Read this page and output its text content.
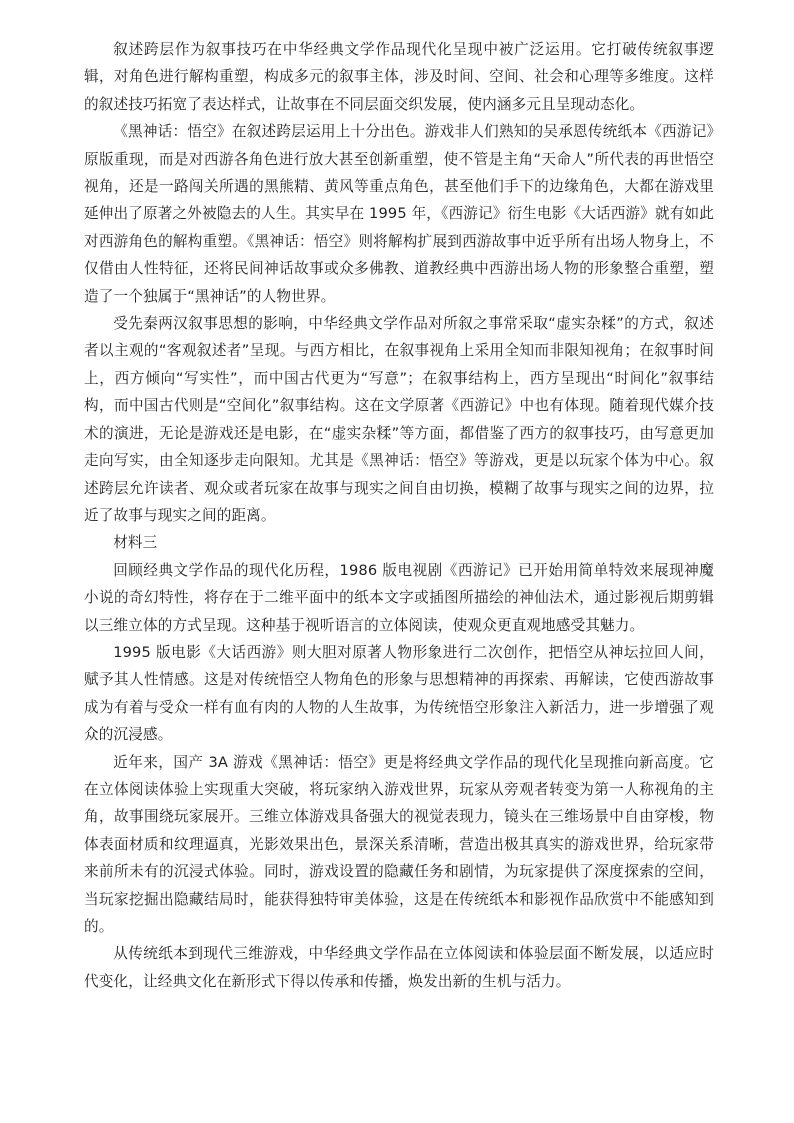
叙述跨层作为叙事技巧在中华经典文学作品现代化呈现中被广泛运用。它打破传统叙事逻辑，对角色进行解构重塑，构成多元的叙事主体，涉及时间、空间、社会和心理等多维度。这样的叙述技巧拓宽了表达样式，让故事在不同层面交织发展，使内涵多元且呈现动态化。

《黑神话：悟空》在叙述跨层运用上十分出色。游戏非人们熟知的吴承恩传统纸本《西游记》原版重现，而是对西游各角色进行放大甚至创新重塑，使不管是主角“天命人”所代表的再世悟空视角，还是一路闯关所遇的黑熊精、黄风等重点角色，甚至他们手下的边缘角色，大都在游戏里延伸出了原著之外被隐去的人生。其实早在 1995 年，《西游记》衍生电影《大话西游》就有如此对西游角色的解构重塑。《黑神话：悟空》则将解构扩展到西游故事中近乎所有出场人物身上，不仅借由人性特征，还将民间神话故事或众多佛教、道教经典中西游出场人物的形象整合重塑，塑造了一个独属于“黑神话”的人物世界。

受先秦两汉叙事思想的影响，中华经典文学作品对所叙之事常采取“虚实杂糅”的方式，叙述者以主观的“客观叙述者”呈现。与西方相比，在叙事视角上采用全知而非限知视角；在叙事时间上，西方倾向“写实性”，而中国古代更为“写意”；在叙事结构上，西方呈现出“时间化”叙事结构，而中国古代则是“空间化”叙事结构。这在文学原著《西游记》中也有体现。随着现代媒介技术的演进，无论是游戏还是电影，在“虚实杂糅”等方面，都借鉴了西方的叙事技巧，由写意更加走向写实，由全知逐步走向限知。尤其是《黑神话：悟空》等游戏，更是以玩家个体为中心。叙述跨层允许读者、观众或者玩家在故事与现实之间自由切换，模糊了故事与现实之间的边界，拉近了故事与现实之间的距离。

材料三

回顾经典文学作品的现代化历程，1986 版电视剧《西游记》已开始用简单特效来展现神魔小说的奇幻特性，将存在于二维平面中的纸本文字或插图所描绘的神仙法术，通过影视后期剪辑以三维立体的方式呈现。这种基于视听语言的立体阅读，使观众更直观地感受其魅力。

1995 版电影《大话西游》则大胆对原著人物形象进行二次创作，把悟空从神坛拉回人间，赋予其人性情感。这是对传统悟空人物角色的形象与思想精神的再探索、再解读，它使西游故事成为有着与受众一样有血有肉的人物的人生故事，为传统悟空形象注入新活力，进一步增强了观众的沉浸感。

近年来，国产 3A 游戏《黑神话：悟空》更是将经典文学作品的现代化呈现推向新高度。它在立体阅读体验上实现重大突破，将玩家纳入游戏世界，玩家从旁观者转变为第一人称视角的主角，故事围绕玩家展开。三维立体游戏具备强大的视觉表现力，镜头在三维场景中自由穿梭，物体表面材质和纹理逼真，光影效果出色，景深关系清晰，营造出极其真实的游戏世界，给玩家带来前所未有的沉浸式体验。同时，游戏设置的隐藏任务和剧情，为玩家提供了深度探索的空间，当玩家挖掘出隐藏结局时，能获得独特审美体验，这是在传统纸本和影视作品欣赏中不能感知到的。

从传统纸本到现代三维游戏，中华经典文学作品在立体阅读和体验层面不断发展，以适应时代变化，让经典文化在新形式下得以传承和传播，焕发出新的生机与活力。
